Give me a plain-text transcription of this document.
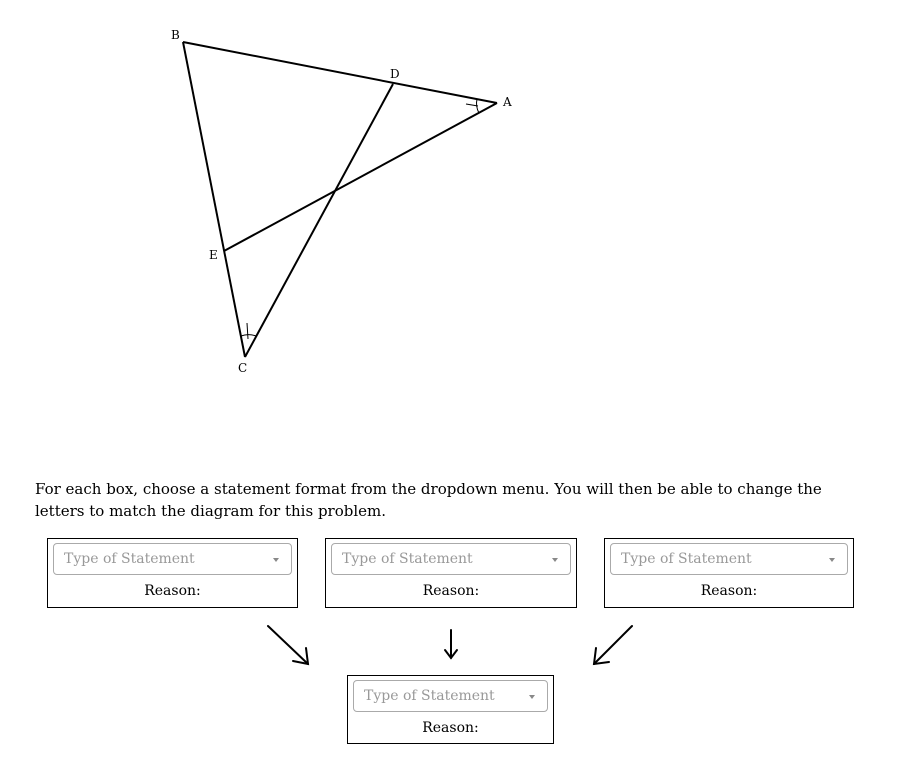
B
D
A
E
C

For each box, choose a statement format from the dropdown menu. You will then be able to change the letters to match the diagram for this problem.

Type of Statement
Reason:
Type of Statement
Reason:
Type of Statement
Reason:
Type of Statement
Reason:
